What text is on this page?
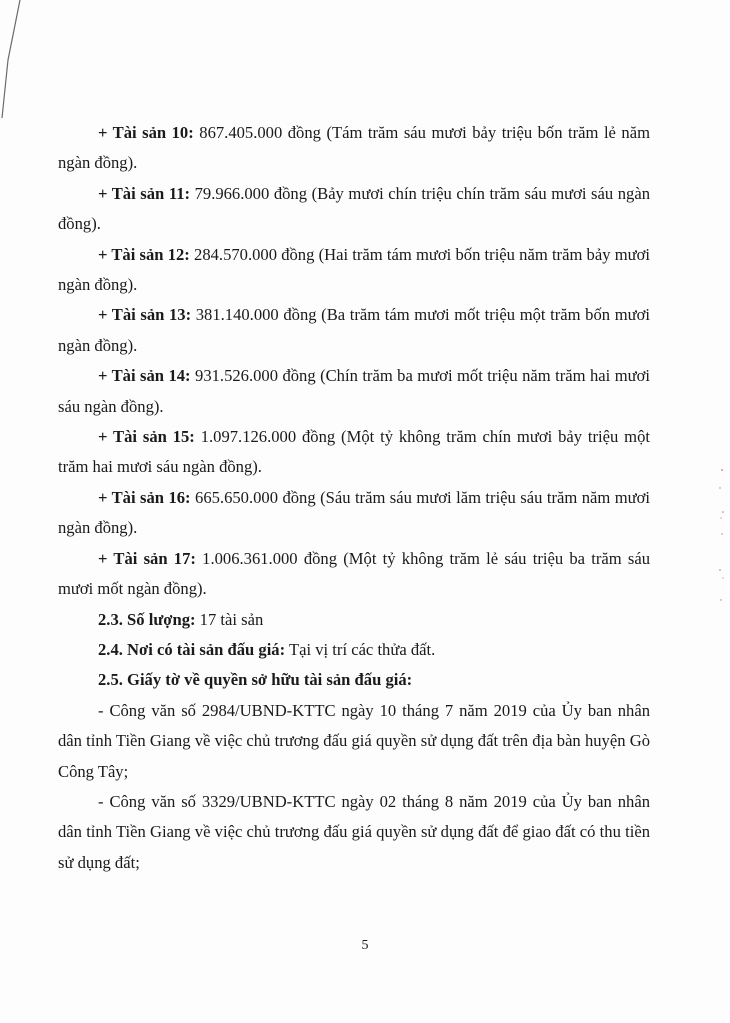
+ Tài sản 10: 867.405.000 đồng (Tám trăm sáu mươi bảy triệu bốn trăm lẻ năm ngàn đồng).

+ Tài sản 11: 79.966.000 đồng (Bảy mươi chín triệu chín trăm sáu mươi sáu ngàn đồng).

+ Tài sản 12: 284.570.000 đồng (Hai trăm tám mươi bốn triệu năm trăm bảy mươi ngàn đồng).

+ Tài sản 13: 381.140.000 đồng (Ba trăm tám mươi mốt triệu một trăm bốn mươi ngàn đồng).

+ Tài sản 14: 931.526.000 đồng (Chín trăm ba mươi mốt triệu năm trăm hai mươi sáu ngàn đồng).

+ Tài sản 15: 1.097.126.000 đồng (Một tỷ không trăm chín mươi bảy triệu một trăm hai mươi sáu ngàn đồng).

+ Tài sản 16: 665.650.000 đồng (Sáu trăm sáu mươi lăm triệu sáu trăm năm mươi ngàn đồng).

+ Tài sản 17: 1.006.361.000 đồng (Một tỷ không trăm lẻ sáu triệu ba trăm sáu mươi mốt ngàn đồng).

2.3. Số lượng: 17 tài sản

2.4. Nơi có tài sản đấu giá: Tại vị trí các thửa đất.

2.5. Giấy tờ về quyền sở hữu tài sản đấu giá:

- Công văn số 2984/UBND-KTTC ngày 10 tháng 7 năm 2019 của Ủy ban nhân dân tỉnh Tiền Giang về việc chủ trương đấu giá quyền sử dụng đất trên địa bàn huyện Gò Công Tây;

- Công văn số 3329/UBND-KTTC ngày 02 tháng 8 năm 2019 của Ủy ban nhân dân tỉnh Tiền Giang về việc chủ trương đấu giá quyền sử dụng đất để giao đất có thu tiền sử dụng đất;

5
